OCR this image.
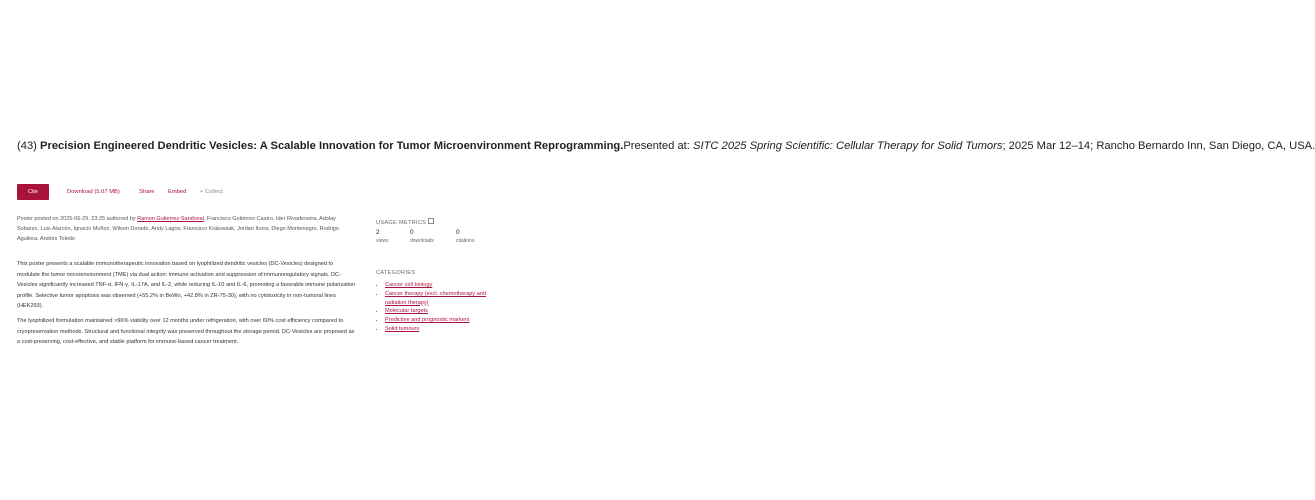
(43) Precision Engineered Dendritic Vesicles: A Scalable Innovation for Tumor Microenvironment Reprogramming.Presented at: SITC 2025 Spring Scientific: Cellular Therapy for Solid Tumors; 2025 Mar 12–14; Rancho Bernardo Inn, San Diego, CA, USA.
Cite	Download (5.07 MB)	Share Embed + Collect
Poster posted on 2025-06-29, 23:25 authored by Ramon Gutierrez-Sandoval, Francisco Gutiérrez-Castro, Ider Rivadeneira, Adolay Sobarzo, Luis Alarcón, Ignacio Muñoz, Wilson Dorado, Andy Lagos, Francisco Krakowiak, Jordan Iturra, Diego Montenegro, Rodrigo Aguilera, Andrés Toledo

This poster presents a scalable immunotherapeutic innovation based on lyophilized dendritic vesicles (DC-Vesicles) designed to modulate the tumor microenvironment (TME) via dual action: immune activation and suppression of immunoregulatory signals. DC-Vesicles significantly increased TNF-α, IFN-γ, IL-17A, and IL-2, while reducing IL-10 and IL-6, promoting a favorable immune polarization profile. Selective tumor apoptosis was observed (+55.2% in BeWo, +42.8% in ZR-75-30), with no cytotoxicity in non-tumoral lines (HEK293).

The lyophilized formulation maintained >96% viability over 12 months under refrigeration, with over 60% cost efficiency compared to cryopreservation methods. Structural and functional integrity was preserved throughout the storage period. DC-Vesicles are proposed as a cost-preserving, cost-effective, and stable platform for immune-based cancer treatment.

USAGE METRICS
2
views
0
downloads
0
citations
CATEGORIES
• Cancer cell biology
• Cancer therapy (excl. chemotherapy and radiation therapy)
• Molecular targets
• Predictive and prognostic markers
• Solid tumours
